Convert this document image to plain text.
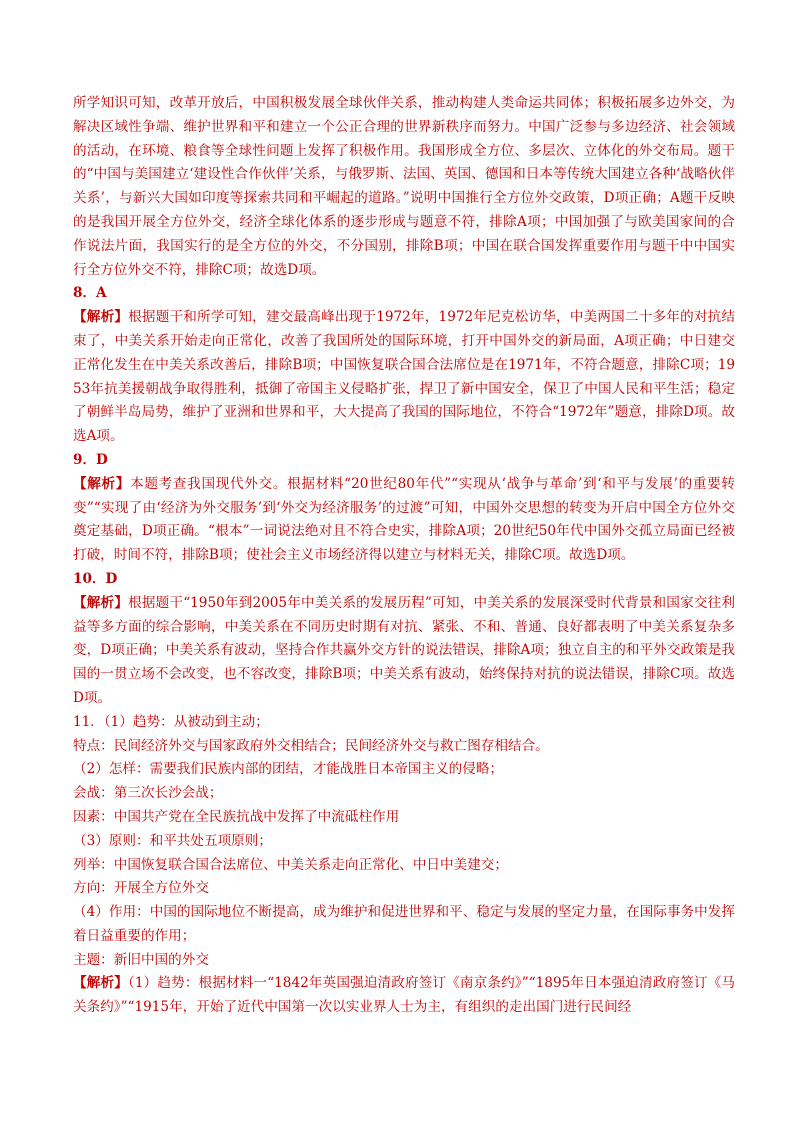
所学知识可知，改革开放后，中国积极发展全球伙伴关系，推动构建人类命运共同体；积极拓展多边外交，为解决区域性争端、维护世界和平和建立一个公正合理的世界新秩序而努力。中国广泛参与多边经济、社会领域的活动，在环境、粮食等全球性问题上发挥了积极作用。我国形成全方位、多层次、立体化的外交布局。题干的“中国与美国建立‘建设性合作伙伴’关系，与俄罗斯、法国、英国、德国和日本等传统大国建立各种‘战略伙伴关系’，与新兴大国如印度等探索共同和平崛起的道路。”说明中国推行全方位外交政策，D项正确；A题干反映的是我国开展全方位外交，经济全球化体系的逐步形成与题意不符，排除A项；中国加强了与欧美国家间的合作说法片面，我国实行的是全方位的外交，不分国别，排除B项；中国在联合国发挥重要作用与题干中中国实行全方位外交不符，排除C项；故选D项。

8．A

【解析】根据题干和所学可知，建交最高峰出现于1972年，1972年尼克松访华，中美两国二十多年的对抗结束了，中美关系开始走向正常化，改善了我国所处的国际环境，打开中国外交的新局面，A项正确；中日建交正常化发生在中美关系改善后，排除B项；中国恢复联合国合法席位是在1971年，不符合题意，排除C项；1953年抗美援朝战争取得胜利，抵御了帝国主义侵略扩张，捍卫了新中国安全，保卫了中国人民和平生活；稳定了朝鲜半岛局势，维护了亚洲和世界和平，大大提高了我国的国际地位，不符合“1972年”题意，排除D项。故选A项。

9．D

【解析】本题考查我国现代外交。根据材料“20世纪80年代”“实现从‘战争与革命’到‘和平与发展’的重要转变”“实现了由‘经济为外交服务’到‘外交为经济服务’的过渡”可知，中国外交思想的转变为开启中国全方位外交奠定基础，D项正确。“根本”一词说法绝对且不符合史实，排除A项；20世纪50年代中国外交孤立局面已经被打破，时间不符，排除B项；使社会主义市场经济得以建立与材料无关，排除C项。故选D项。

10．D

【解析】根据题干“1950年到2005年中美关系的发展历程”可知，中美关系的发展深受时代背景和国家交往利益等多方面的综合影响，中美关系在不同历史时期有对抗、紧张、不和、普通、良好都表明了中美关系复杂多变，D项正确；中美关系有波动，坚持合作共赢外交方针的说法错误，排除A项；独立自主的和平外交政策是我国的一贯立场不会改变，也不容改变，排除B项；中美关系有波动，始终保持对抗的说法错误，排除C项。故选D项。

11．（1）趋势：从被动到主动；

特点：民间经济外交与国家政府外交相结合；民间经济外交与救亡图存相结合。

（2）怎样：需要我们民族内部的团结，才能战胜日本帝国主义的侵略；

会战：第三次长沙会战；

因素：中国共产党在全民族抗战中发挥了中流砥柱作用

（3）原则：和平共处五项原则；

列举：中国恢复联合国合法席位、中美关系走向正常化、中日中美建交；

方向：开展全方位外交

（4）作用：中国的国际地位不断提高，成为维护和促进世界和平、稳定与发展的坚定力量，在国际事务中发挥着日益重要的作用；

主题：新旧中国的外交

【解析】（1）趋势：根据材料一“1842年英国强迫清政府签订《南京条约》”“1895年日本强迫清政府签订《马关条约》”“1915年，开始了近代中国第一次以实业界人士为主，有组织的走出国门进行民间经
